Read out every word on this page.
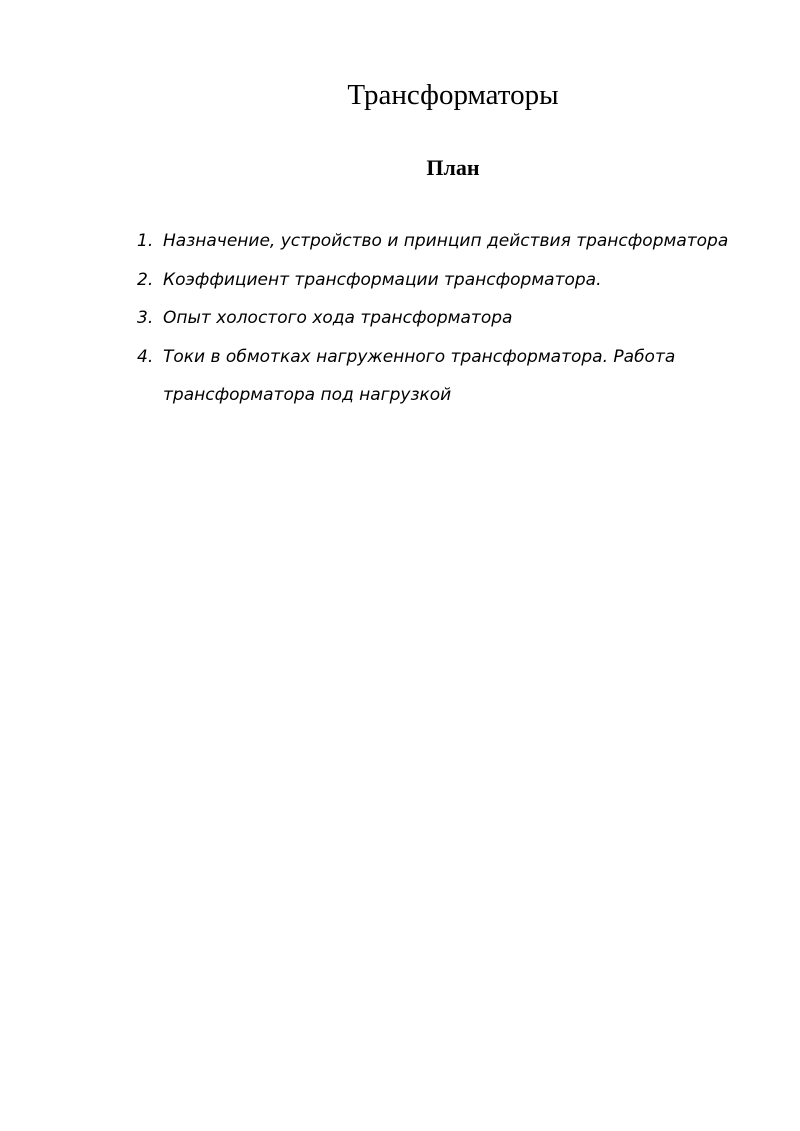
Трансформаторы
План
1. Назначение, устройство и принцип действия трансформатора
2. Коэффициент трансформации трансформатора.
3. Опыт холостого хода трансформатора
4. Токи в обмотках нагруженного трансформатора. Работа трансформатора под нагрузкой
